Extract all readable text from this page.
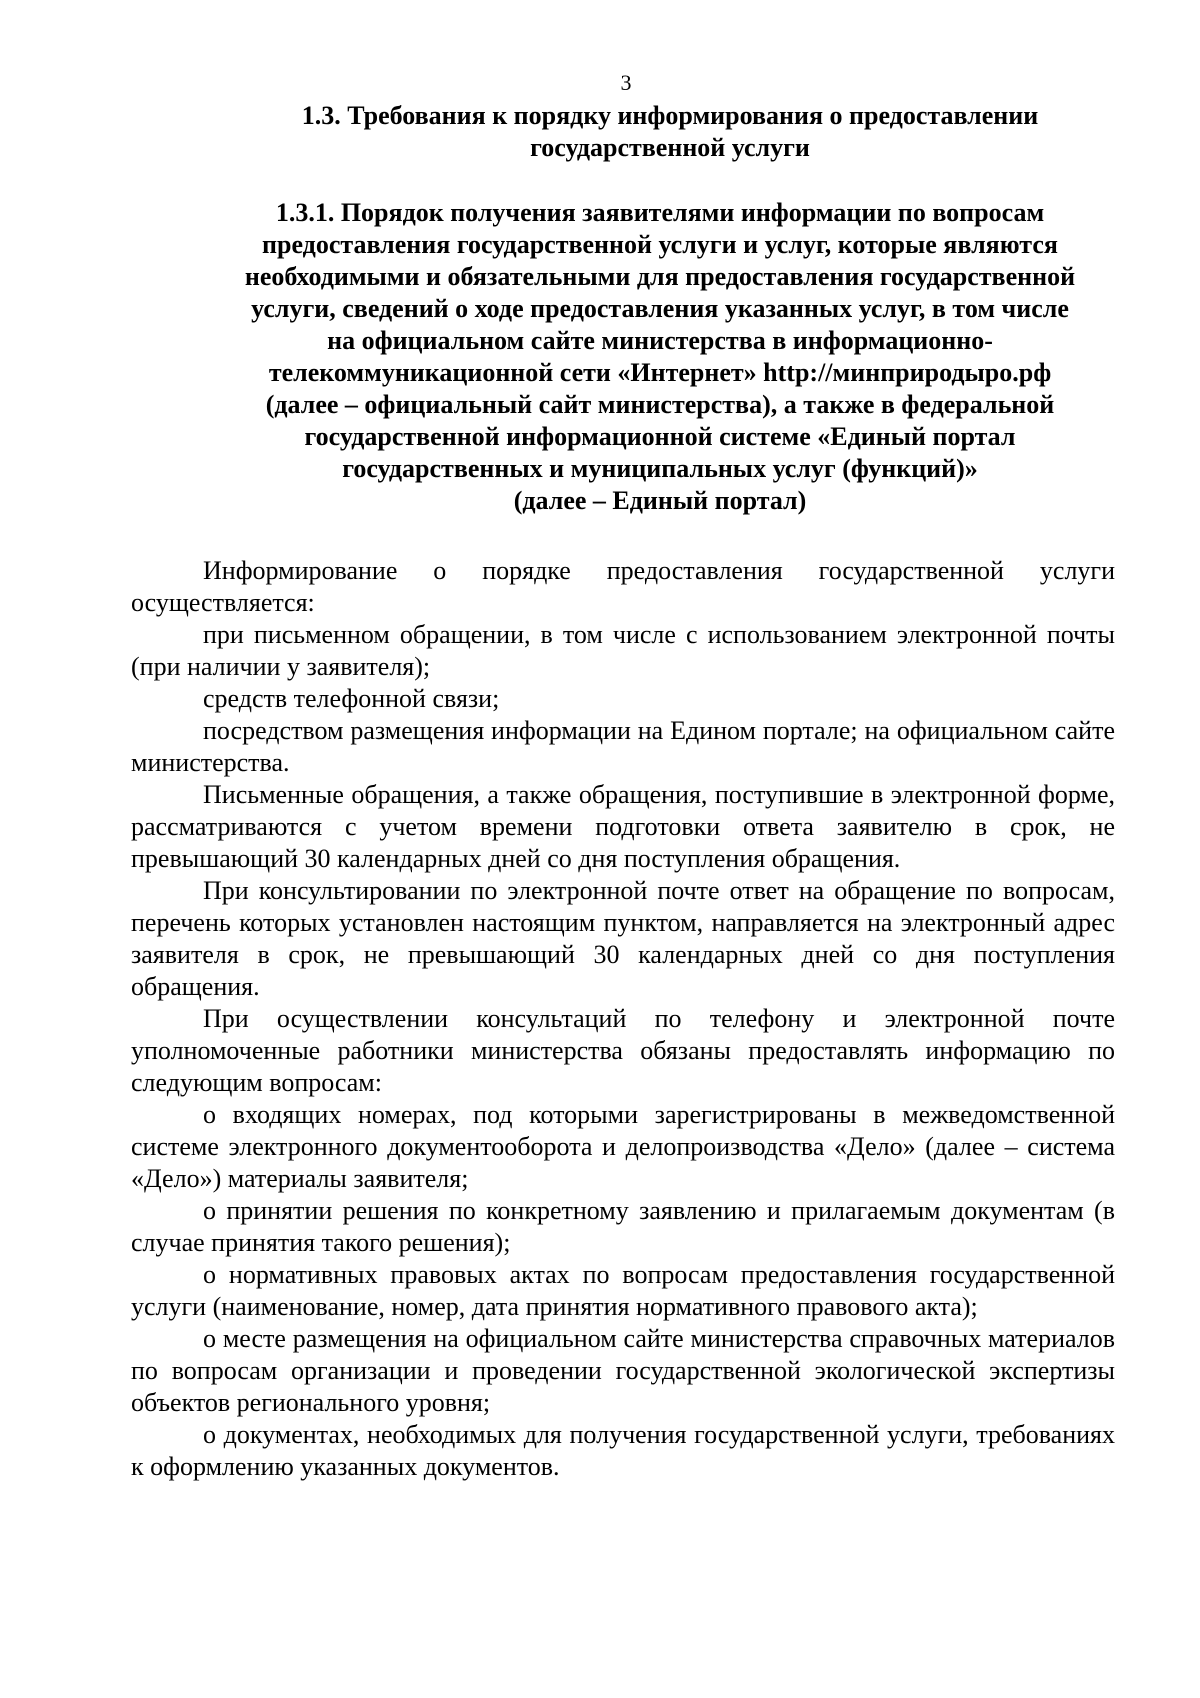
3
1.3. Требования к порядку информирования о предоставлении
государственной услуги
1.3.1. Порядок получения заявителями информации по вопросам
предоставления государственной услуги и услуг, которые являются
необходимыми и обязательными для предоставления государственной
услуги, сведений о ходе предоставления указанных услуг, в том числе
на официальном сайте министерства в информационно-
телекоммуникационной сети «Интернет» http://минприродыро.рф
(далее – официальный сайт министерства), а также в федеральной
государственной информационной системе «Единый портал
государственных и муниципальных услуг (функций)»
(далее – Единый портал)

Информирование о порядке предоставления государственной услуги осуществляется:

при письменном обращении, в том числе с использованием электронной почты (при наличии у заявителя);

средств телефонной связи;

посредством размещения информации на Едином портале; на официальном сайте министерства.

Письменные обращения, а также обращения, поступившие в электронной форме, рассматриваются с учетом времени подготовки ответа заявителю в срок, не превышающий 30 календарных дней со дня поступления обращения.

При консультировании по электронной почте ответ на обращение по вопросам, перечень которых установлен настоящим пунктом, направляется на электронный адрес заявителя в срок, не превышающий 30 календарных дней со дня поступления обращения.

При осуществлении консультаций по телефону и электронной почте уполномоченные работники министерства обязаны предоставлять информацию по следующим вопросам:

о входящих номерах, под которыми зарегистрированы в межведомственной системе электронного документооборота и делопроизводства «Дело» (далее – система «Дело») материалы заявителя;

о принятии решения по конкретному заявлению и прилагаемым документам (в случае принятия такого решения);

о нормативных правовых актах по вопросам предоставления государственной услуги (наименование, номер, дата принятия нормативного правового акта);

о месте размещения на официальном сайте министерства справочных материалов по вопросам организации и проведении государственной экологической экспертизы объектов регионального уровня;

о документах, необходимых для получения государственной услуги, требованиях к оформлению указанных документов.
